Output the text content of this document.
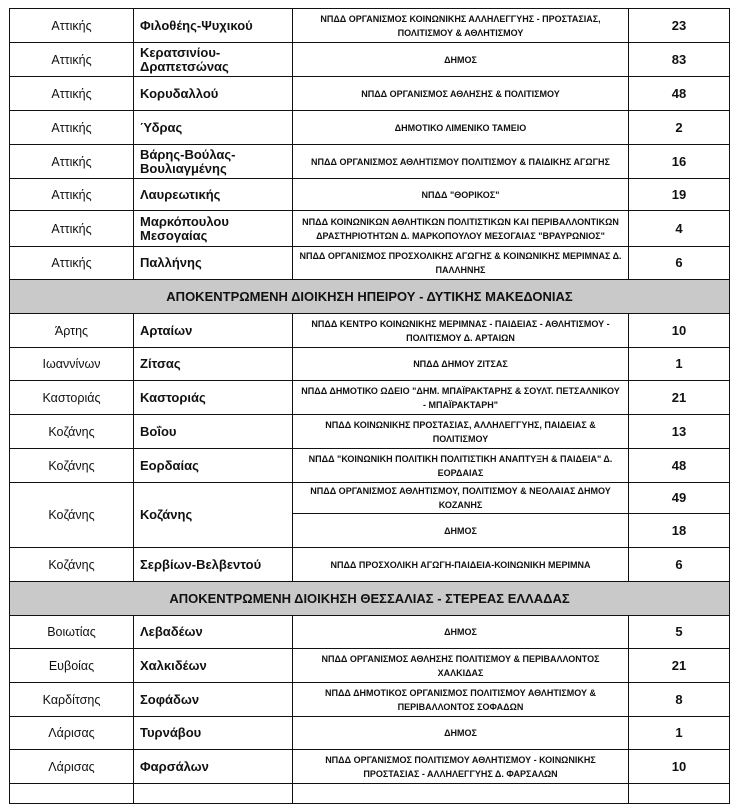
Αττικής	Φιλοθέης-Ψυχικού	ΝΠΔΔ ΟΡΓΑΝΙΣΜΟΣ ΚΟΙΝΩΝΙΚΗΣ ΑΛΛΗΛΕΓΓΥΗΣ - ΠΡΟΣΤΑΣΙΑΣ, ΠΟΛΙΤΙΣΜΟΥ & ΑΘΛΗΤΙΣΜΟΥ	23
Αττικής	Κερατσινίου-Δραπετσώνας	ΔΗΜΟΣ	83
Αττικής	Κορυδαλλού	ΝΠΔΔ ΟΡΓΑΝΙΣΜΟΣ ΑΘΛΗΣΗΣ & ΠΟΛΙΤΙΣΜΟΥ	48
Αττικής	Ύδρας	ΔΗΜΟΤΙΚΟ ΛΙΜΕΝΙΚΟ ΤΑΜΕΙΟ	2
Αττικής	Βάρης-Βούλας-Βουλιαγμένης	ΝΠΔΔ ΟΡΓΑΝΙΣΜΟΣ ΑΘΛΗΤΙΣΜΟΥ ΠΟΛΙΤΙΣΜΟΥ & ΠΑΙΔΙΚΗΣ ΑΓΩΓΗΣ	16
Αττικής	Λαυρεωτικής	ΝΠΔΔ "ΘΟΡΙΚΟΣ"	19
Αττικής	Μαρκόπουλου Μεσογαίας	ΝΠΔΔ ΚΟΙΝΩΝΙΚΩΝ ΑΘΛΗΤΙΚΩΝ ΠΟΛΙΤΙΣΤΙΚΩΝ ΚΑΙ ΠΕΡΙΒΑΛΛΟΝΤΙΚΩΝ ΔΡΑΣΤΗΡΙΟΤΗΤΩΝ Δ. ΜΑΡΚΟΠΟΥΛΟΥ ΜΕΣΟΓΑΙΑΣ "ΒΡΑΥΡΩΝΙΟΣ"	4
Αττικής	Παλλήνης	ΝΠΔΔ ΟΡΓΑΝΙΣΜΟΣ ΠΡΟΣΧΟΛΙΚΗΣ ΑΓΩΓΗΣ & ΚΟΙΝΩΝΙΚΗΣ ΜΕΡΙΜΝΑΣ Δ. ΠΑΛΛΗΝΗΣ	6
ΑΠΟΚΕΝΤΡΩΜΕΝΗ ΔΙΟΙΚΗΣΗ ΗΠΕΙΡΟΥ - ΔΥΤΙΚΗΣ ΜΑΚΕΔΟΝΙΑΣ			
Άρτης	Αρταίων	ΝΠΔΔ ΚΕΝΤΡΟ ΚΟΙΝΩΝΙΚΗΣ ΜΕΡΙΜΝΑΣ - ΠΑΙΔΕΙΑΣ - ΑΘΛΗΤΙΣΜΟΥ - ΠΟΛΙΤΙΣΜΟΥ Δ. ΑΡΤΑΙΩΝ	10
Ιωαννίνων	Ζίτσας	ΝΠΔΔ ΔΗΜΟΥ ΖΙΤΣΑΣ	1
Καστοριάς	Καστοριάς	ΝΠΔΔ ΔΗΜΟΤΙΚΟ ΩΔΕΙΟ "ΔΗΜ. ΜΠΑΪΡΑΚΤΑΡΗΣ & ΣΟΥΛΤ. ΠΕΤΣΑΛΝΙΚΟΥ - ΜΠΑΪΡΑΚΤΑΡΗ"	21
Κοζάνης	Βοΐου	ΝΠΔΔ ΚΟΙΝΩΝΙΚΗΣ ΠΡΟΣΤΑΣΙΑΣ, ΑΛΛΗΛΕΓΓΥΗΣ, ΠΑΙΔΕΙΑΣ & ΠΟΛΙΤΙΣΜΟΥ	13
Κοζάνης	Εορδαίας	ΝΠΔΔ "ΚΟΙΝΩΝΙΚΗ ΠΟΛΙΤΙΚΗ ΠΟΛΙΤΙΣΤΙΚΗ ΑΝΑΠΤΥΞΗ & ΠΑΙΔΕΙΑ" Δ. ΕΟΡΔΑΙΑΣ	48
Κοζάνης	Κοζάνης	ΝΠΔΔ ΟΡΓΑΝΙΣΜΟΣ ΑΘΛΗΤΙΣΜΟΥ, ΠΟΛΙΤΙΣΜΟΥ & ΝΕΟΛΑΙΑΣ ΔΗΜΟΥ ΚΟΖΑΝΗΣ	49
		ΔΗΜΟΣ	18
Κοζάνης	Σερβίων-Βελβεντού	ΝΠΔΔ ΠΡΟΣΧΟΛΙΚΗ ΑΓΩΓΗ-ΠΑΙΔΕΙΑ-ΚΟΙΝΩΝΙΚΗ ΜΕΡΙΜΝΑ	6
ΑΠΟΚΕΝΤΡΩΜΕΝΗ ΔΙΟΙΚΗΣΗ ΘΕΣΣΑΛΙΑΣ - ΣΤΕΡΕΑΣ ΕΛΛΑΔΑΣ			
Βοιωτίας	Λεβαδέων	ΔΗΜΟΣ	5
Ευβοίας	Χαλκιδέων	ΝΠΔΔ ΟΡΓΑΝΙΣΜΟΣ ΑΘΛΗΣΗΣ ΠΟΛΙΤΙΣΜΟΥ & ΠΕΡΙΒΑΛΛΟΝΤΟΣ ΧΑΛΚΙΔΑΣ	21
Καρδίτσης	Σοφάδων	ΝΠΔΔ ΔΗΜΟΤΙΚΟΣ ΟΡΓΑΝΙΣΜΟΣ ΠΟΛΙΤΙΣΜΟΥ ΑΘΛΗΤΙΣΜΟΥ & ΠΕΡΙΒΑΛΛΟΝΤΟΣ ΣΟΦΑΔΩΝ	8
Λάρισας	Τυρνάβου	ΔΗΜΟΣ	1
Λάρισας	Φαρσάλων	ΝΠΔΔ ΟΡΓΑΝΙΣΜΟΣ ΠΟΛΙΤΙΣΜΟΥ ΑΘΛΗΤΙΣΜΟΥ - ΚΟΙΝΩΝΙΚΗΣ ΠΡΟΣΤΑΣΙΑΣ - ΑΛΛΗΛΕΓΓΥΗΣ Δ. ΦΑΡΣΑΛΩΝ	10
